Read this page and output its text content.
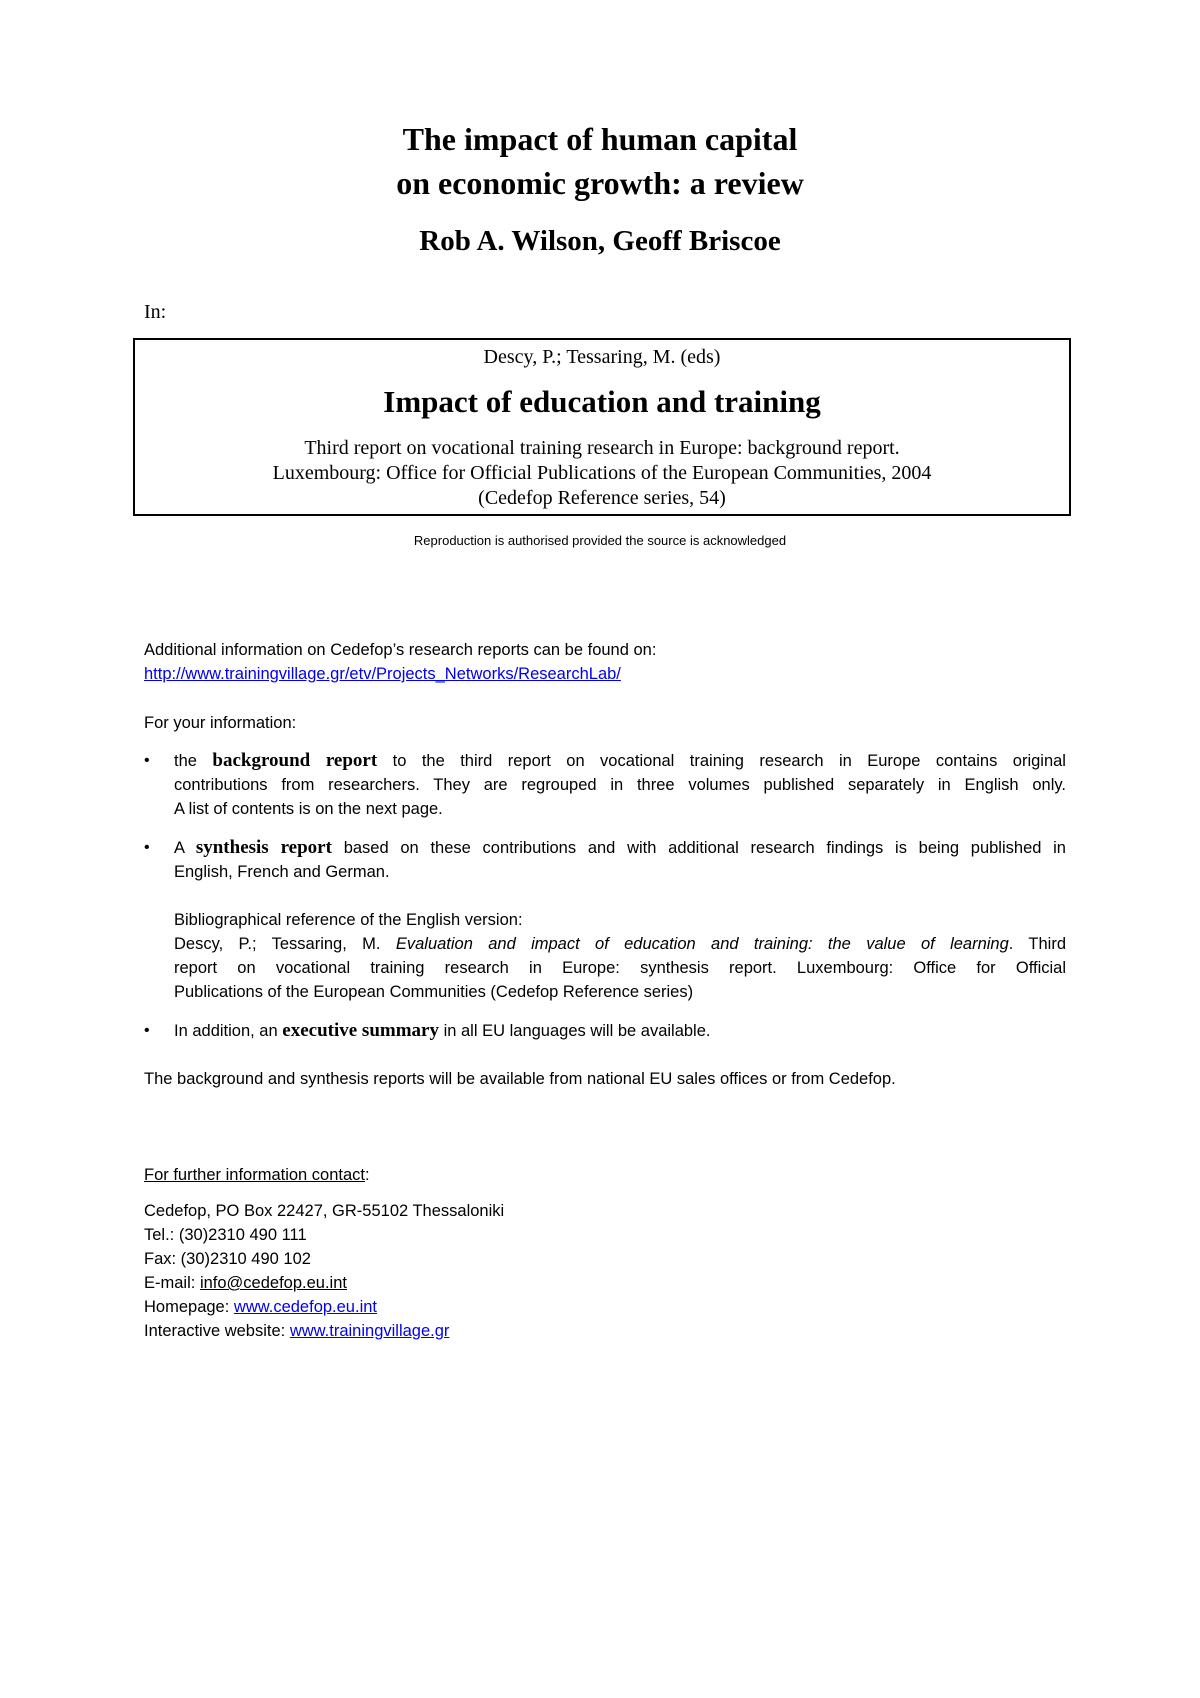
The impact of human capital
on economic growth: a review
Rob A. Wilson, Geoff Briscoe
In:
Descy, P.; Tessaring, M. (eds)
Impact of education and training
Third report on vocational training research in Europe: background report.
Luxembourg: Office for Official Publications of the European Communities, 2004
(Cedefop Reference series, 54)
Reproduction is authorised provided the source is acknowledged
Additional information on Cedefop’s research reports can be found on:
http://www.trainingvillage.gr/etv/Projects_Networks/ResearchLab/
For your information:
• the background report to the third report on vocational training research in Europe contains original
contributions from researchers. They are regrouped in three volumes published separately in English only.
A list of contents is on the next page.
• A synthesis report based on these contributions and with additional research findings is being published in
English, French and German.
Bibliographical reference of the English version:
Descy, P.; Tessaring, M. Evaluation and impact of education and training: the value of learning. Third
report on vocational training research in Europe: synthesis report. Luxembourg: Office for Official
Publications of the European Communities (Cedefop Reference series)
• In addition, an executive summary in all EU languages will be available.
The background and synthesis reports will be available from national EU sales offices or from Cedefop.
For further information contact:
Cedefop, PO Box 22427, GR-55102 Thessaloniki
Tel.: (30)2310 490 111
Fax: (30)2310 490 102
E-mail: info@cedefop.eu.int
Homepage: www.cedefop.eu.int
Interactive website: www.trainingvillage.gr
